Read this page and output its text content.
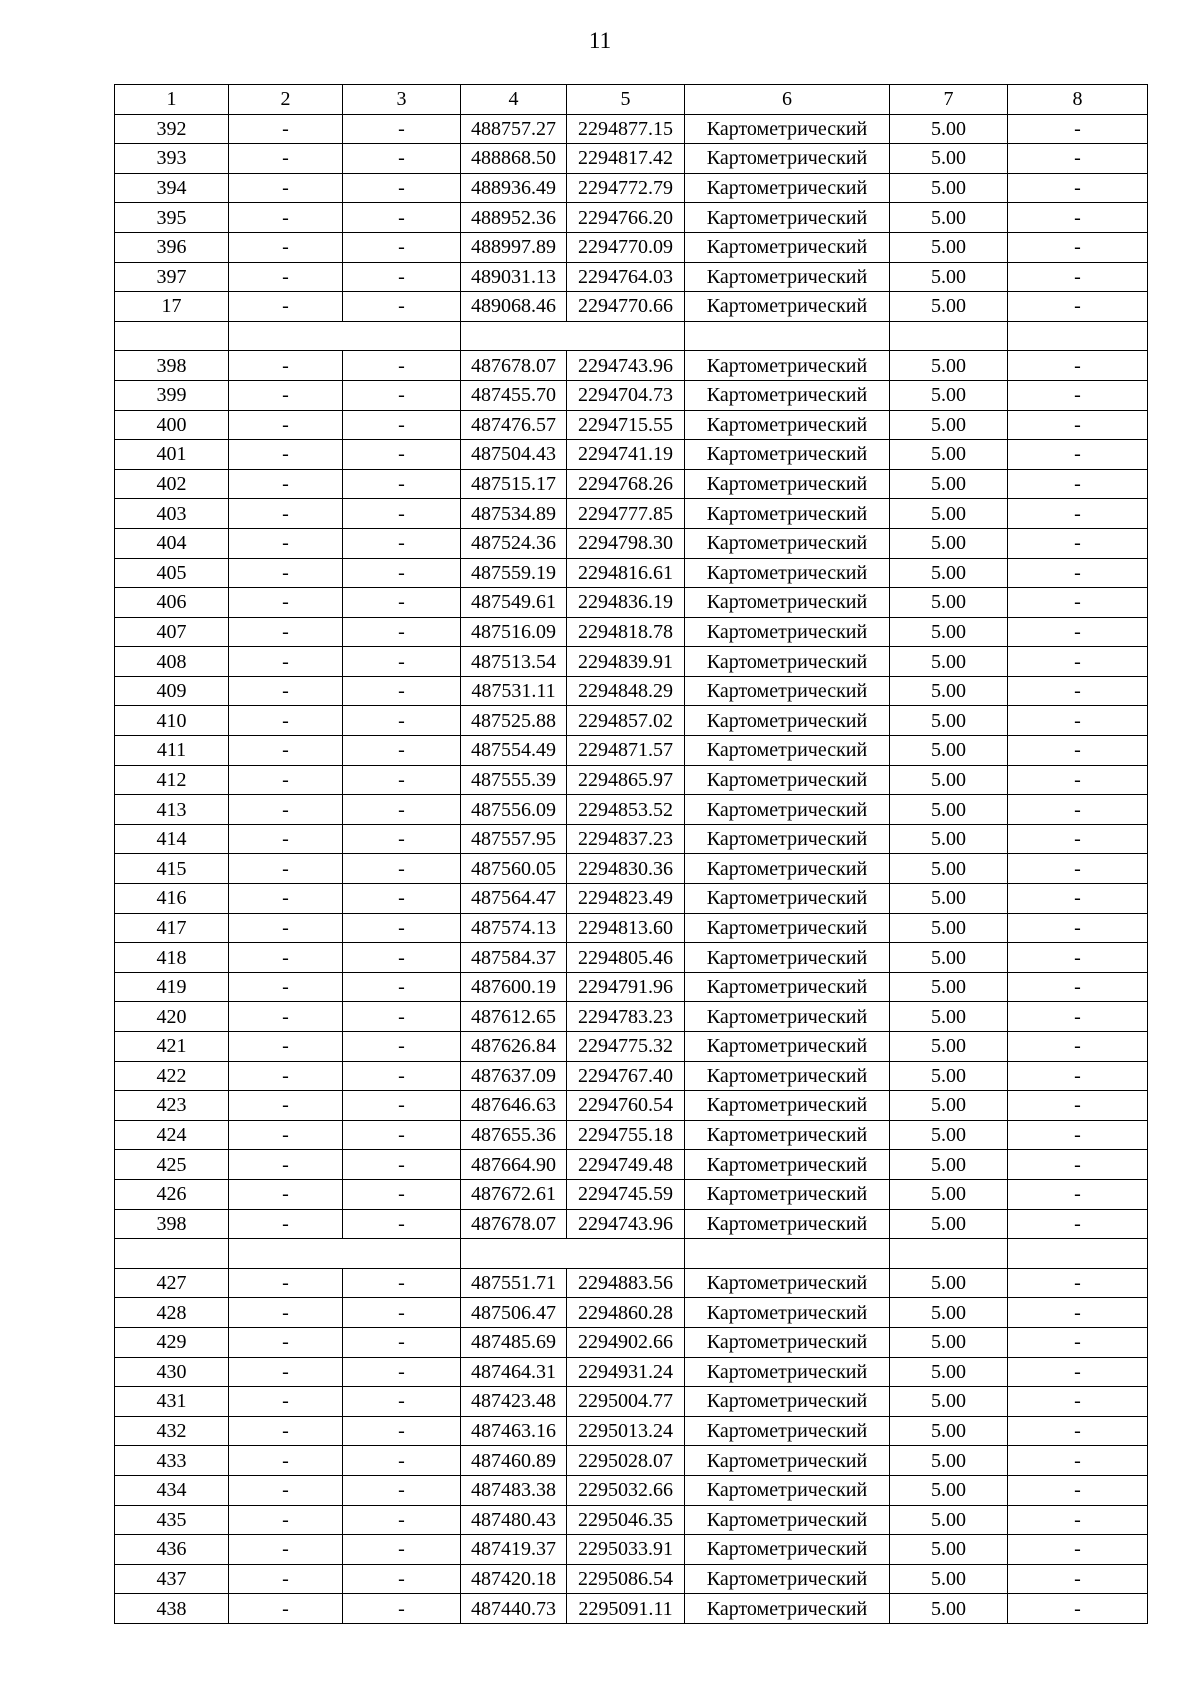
11
1	2	3	4	5	6	7	8
392	-	-	488757.27	2294877.15	Картометрический	5.00	-
393	-	-	488868.50	2294817.42	Картометрический	5.00	-
394	-	-	488936.49	2294772.79	Картометрический	5.00	-
395	-	-	488952.36	2294766.20	Картометрический	5.00	-
396	-	-	488997.89	2294770.09	Картометрический	5.00	-
397	-	-	489031.13	2294764.03	Картометрический	5.00	-
17	-	-	489068.46	2294770.66	Картометрический	5.00	-

398	-	-	487678.07	2294743.96	Картометрический	5.00	-
399	-	-	487455.70	2294704.73	Картометрический	5.00	-
400	-	-	487476.57	2294715.55	Картометрический	5.00	-
401	-	-	487504.43	2294741.19	Картометрический	5.00	-
402	-	-	487515.17	2294768.26	Картометрический	5.00	-
403	-	-	487534.89	2294777.85	Картометрический	5.00	-
404	-	-	487524.36	2294798.30	Картометрический	5.00	-
405	-	-	487559.19	2294816.61	Картометрический	5.00	-
406	-	-	487549.61	2294836.19	Картометрический	5.00	-
407	-	-	487516.09	2294818.78	Картометрический	5.00	-
408	-	-	487513.54	2294839.91	Картометрический	5.00	-
409	-	-	487531.11	2294848.29	Картометрический	5.00	-
410	-	-	487525.88	2294857.02	Картометрический	5.00	-
411	-	-	487554.49	2294871.57	Картометрический	5.00	-
412	-	-	487555.39	2294865.97	Картометрический	5.00	-
413	-	-	487556.09	2294853.52	Картометрический	5.00	-
414	-	-	487557.95	2294837.23	Картометрический	5.00	-
415	-	-	487560.05	2294830.36	Картометрический	5.00	-
416	-	-	487564.47	2294823.49	Картометрический	5.00	-
417	-	-	487574.13	2294813.60	Картометрический	5.00	-
418	-	-	487584.37	2294805.46	Картометрический	5.00	-
419	-	-	487600.19	2294791.96	Картометрический	5.00	-
420	-	-	487612.65	2294783.23	Картометрический	5.00	-
421	-	-	487626.84	2294775.32	Картометрический	5.00	-
422	-	-	487637.09	2294767.40	Картометрический	5.00	-
423	-	-	487646.63	2294760.54	Картометрический	5.00	-
424	-	-	487655.36	2294755.18	Картометрический	5.00	-
425	-	-	487664.90	2294749.48	Картометрический	5.00	-
426	-	-	487672.61	2294745.59	Картометрический	5.00	-
398	-	-	487678.07	2294743.96	Картометрический	5.00	-

427	-	-	487551.71	2294883.56	Картометрический	5.00	-
428	-	-	487506.47	2294860.28	Картометрический	5.00	-
429	-	-	487485.69	2294902.66	Картометрический	5.00	-
430	-	-	487464.31	2294931.24	Картометрический	5.00	-
431	-	-	487423.48	2295004.77	Картометрический	5.00	-
432	-	-	487463.16	2295013.24	Картометрический	5.00	-
433	-	-	487460.89	2295028.07	Картометрический	5.00	-
434	-	-	487483.38	2295032.66	Картометрический	5.00	-
435	-	-	487480.43	2295046.35	Картометрический	5.00	-
436	-	-	487419.37	2295033.91	Картометрический	5.00	-
437	-	-	487420.18	2295086.54	Картометрический	5.00	-
438	-	-	487440.73	2295091.11	Картометрический	5.00	-
